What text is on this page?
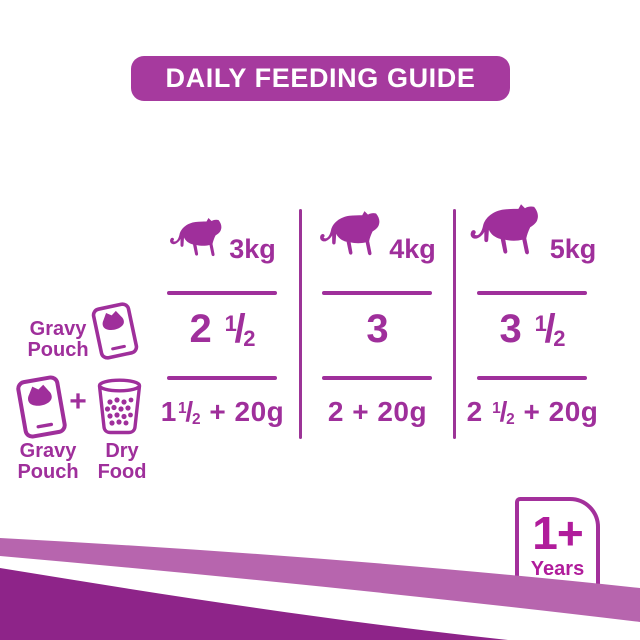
DAILY FEEDING GUIDE
3kg	4kg	5kg
Gravy
Pouch	2 $^1$/2	3	3 $^1$/2
+
Gravy
Pouch
Dry
Food
1$^1$/2 + 20g	2 + 20g	2 $^1$/2 + 20g
1+
Years
